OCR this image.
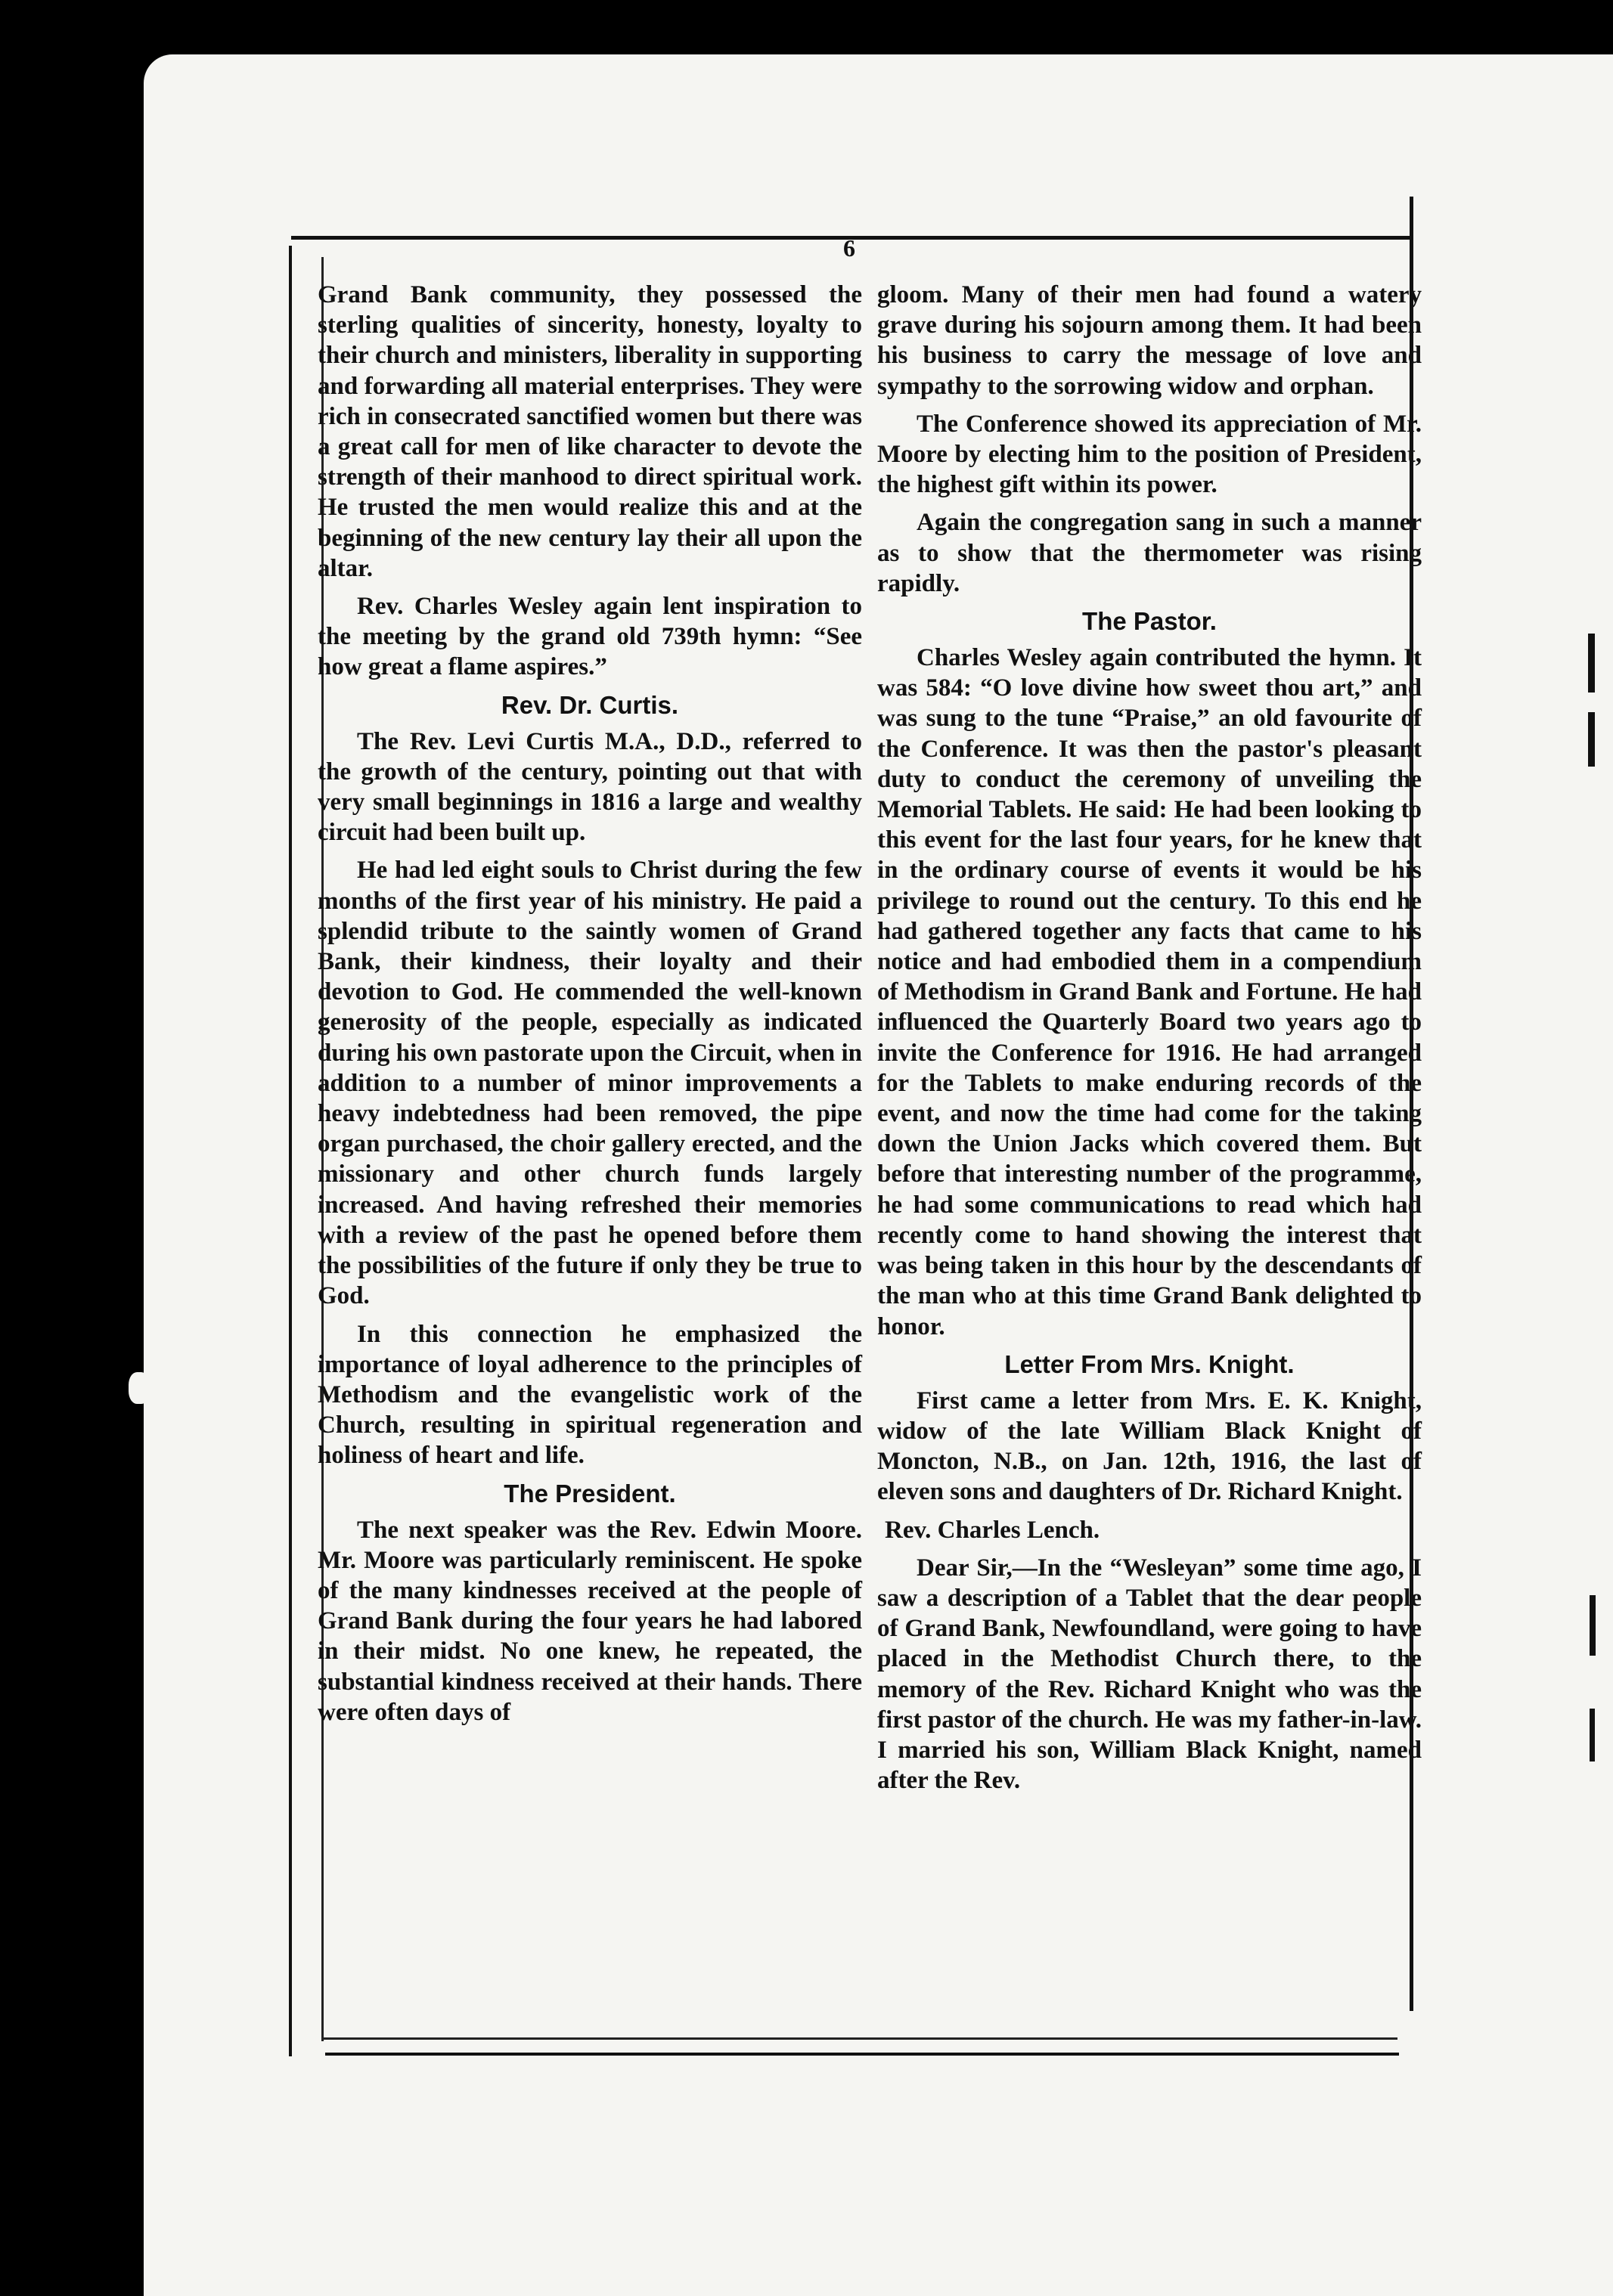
6

Grand Bank community, they possessed the sterling qualities of sincerity, honesty, loyalty to their church and ministers, liberality in supporting and forwarding all material enterprises. They were rich in consecrated sanctified women but there was a great call for men of like character to devote the strength of their manhood to direct spiritual work. He trusted the men would realize this and at the beginning of the new century lay their all upon the altar.

Rev. Charles Wesley again lent inspiration to the meeting by the grand old 739th hymn: “See how great a flame aspires.”

Rev. Dr. Curtis.

The Rev. Levi Curtis M.A., D.D., referred to the growth of the century, pointing out that with very small beginnings in 1816 a large and wealthy circuit had been built up.

He had led eight souls to Christ during the few months of the first year of his ministry. He paid a splendid tribute to the saintly women of Grand Bank, their kindness, their loyalty and their devotion to God. He commended the well-known generosity of the people, especially as indicated during his own pastorate upon the Circuit, when in addition to a number of minor improvements a heavy indebtedness had been removed, the pipe organ purchased, the choir gallery erected, and the missionary and other church funds largely increased. And having refreshed their memories with a review of the past he opened before them the possibilities of the future if only they be true to God.

In this connection he emphasized the importance of loyal adherence to the principles of Methodism and the evangelistic work of the Church, resulting in spiritual regeneration and holiness of heart and life.

The President.

The next speaker was the Rev. Edwin Moore. Mr. Moore was particularly reminiscent. He spoke of the many kindnesses received at the people of Grand Bank during the four years he had labored in their midst. No one knew, he repeated, the substantial kindness received at their hands. There were often days of

gloom. Many of their men had found a watery grave during his sojourn among them. It had been his business to carry the message of love and sympathy to the sorrowing widow and orphan.

The Conference showed its appreciation of Mr. Moore by electing him to the position of President, the highest gift within its power.

Again the congregation sang in such a manner as to show that the thermometer was rising rapidly.

The Pastor.

Charles Wesley again contributed the hymn. It was 584: “O love divine how sweet thou art,” and was sung to the tune “Praise,” an old favourite of the Conference. It was then the pastor's pleasant duty to conduct the ceremony of unveiling the Memorial Tablets. He said: He had been looking to this event for the last four years, for he knew that in the ordinary course of events it would be his privilege to round out the century. To this end he had gathered together any facts that came to his notice and had embodied them in a compendium of Methodism in Grand Bank and Fortune. He had influenced the Quarterly Board two years ago to invite the Conference for 1916. He had arranged for the Tablets to make enduring records of the event, and now the time had come for the taking down the Union Jacks which covered them. But before that interesting number of the programme, he had some communications to read which had recently come to hand showing the interest that was being taken in this hour by the descendants of the man who at this time Grand Bank delighted to honor.

Letter From Mrs. Knight.

First came a letter from Mrs. E. K. Knight, widow of the late William Black Knight of Moncton, N.B., on Jan. 12th, 1916, the last of eleven sons and daughters of Dr. Richard Knight.

Rev. Charles Lench.

Dear Sir,—In the “Wesleyan” some time ago, I saw a description of a Tablet that the dear people of Grand Bank, Newfoundland, were going to have placed in the Methodist Church there, to the memory of the Rev. Richard Knight who was the first pastor of the church. He was my father-in-law. I married his son, William Black Knight, named after the Rev.
